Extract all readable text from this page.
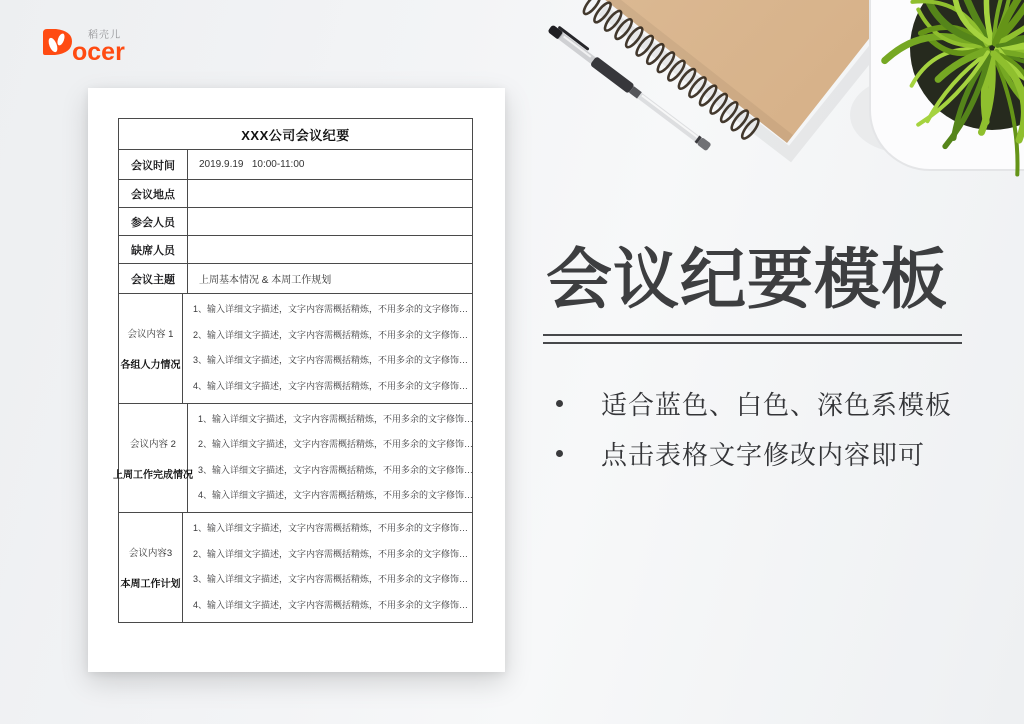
ocer
稻壳儿
XXX公司会议纪要
会议时间	2019.9.19   10:00-11:00
会议地点
参会人员
缺席人员
会议主题	上周基本情况 & 本周工作规划
会议内容 1
各组人力情况
1、输入详细文字描述，文字内容需概括精炼，不用多余的文字修饰…
2、输入详细文字描述，文字内容需概括精炼，不用多余的文字修饰…
3、输入详细文字描述，文字内容需概括精炼，不用多余的文字修饰…
4、输入详细文字描述，文字内容需概括精炼，不用多余的文字修饰…
会议内容 2
上周工作完成情况
1、输入详细文字描述，文字内容需概括精炼，不用多余的文字修饰…
2、输入详细文字描述，文字内容需概括精炼，不用多余的文字修饰…
3、输入详细文字描述，文字内容需概括精炼，不用多余的文字修饰…
4、输入详细文字描述，文字内容需概括精炼，不用多余的文字修饰…
会议内容3
本周工作计划
1、输入详细文字描述，文字内容需概括精炼，不用多余的文字修饰…
2、输入详细文字描述，文字内容需概括精炼，不用多余的文字修饰…
3、输入详细文字描述，文字内容需概括精炼，不用多余的文字修饰…
4、输入详细文字描述，文字内容需概括精炼，不用多余的文字修饰…
会议纪要模板
适合蓝色、白色、深色系模板
点击表格文字修改内容即可
